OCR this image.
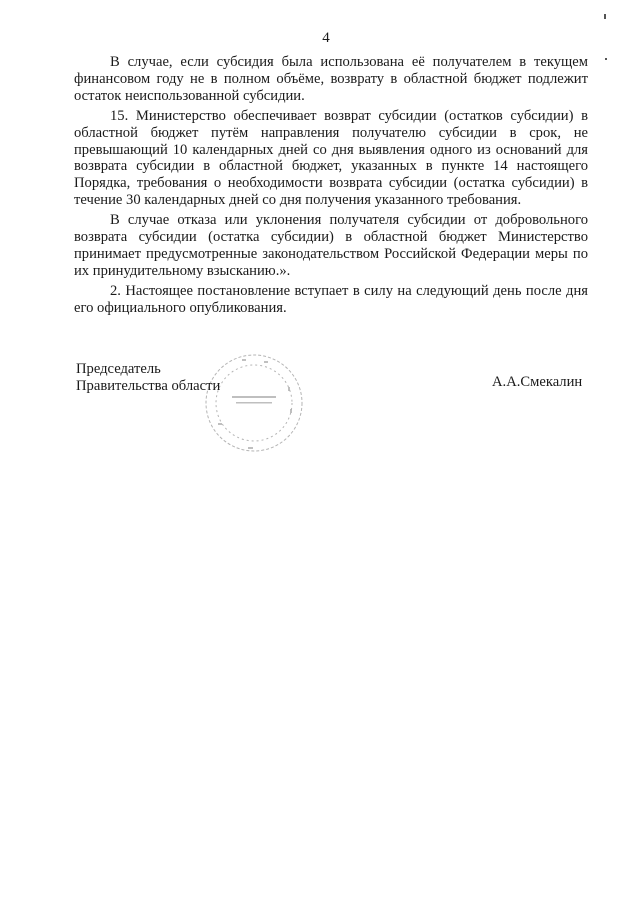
4

В случае, если субсидия была использована её получателем в текущем финансовом году не в полном объёме, возврату в областной бюджет подлежит остаток неиспользованной субсидии.

15. Министерство обеспечивает возврат субсидии (остатков субсидии) в областной бюджет путём направления получателю субсидии в срок, не превышающий 10 календарных дней со дня выявления одного из оснований для возврата субсидии в областной бюджет, указанных в пункте 14 настоящего Порядка, требования о необходимости возврата субсидии (остатка субсидии) в течение 30 календарных дней со дня получения указанного требования.

В случае отказа или уклонения получателя субсидии от добровольного возврата субсидии (остатка субсидии) в областной бюджет Министерство принимает предусмотренные законодательством Российской Федерации меры по их принудительному взысканию.».

2. Настоящее постановление вступает в силу на следующий день после дня его официального опубликования.

Председатель
Правительства области	А.А.Смекалин
